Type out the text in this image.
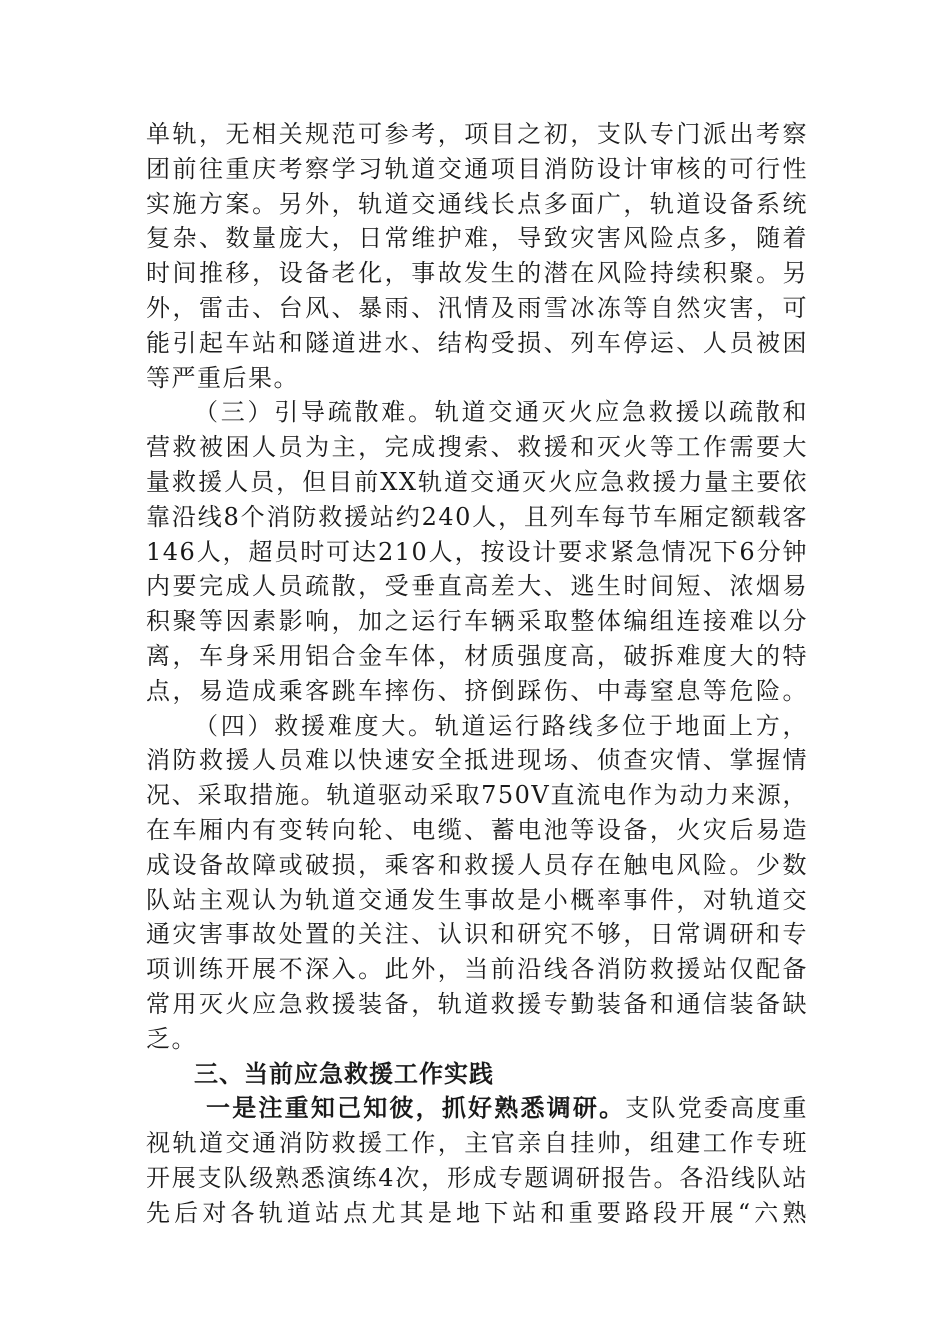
单轨，无相关规范可参考，项目之初，支队专门派出考察
团前往重庆考察学习轨道交通项目消防设计审核的可行性
实施方案。另外，轨道交通线长点多面广，轨道设备系统
复杂、数量庞大，日常维护难，导致灾害风险点多，随着
时间推移，设备老化，事故发生的潜在风险持续积聚。另
外，雷击、台风、暴雨、汛情及雨雪冰冻等自然灾害，可
能引起车站和隧道进水、结构受损、列车停运、人员被困
等严重后果。
（三）引导疏散难。轨道交通灭火应急救援以疏散和
营救被困人员为主，完成搜索、救援和灭火等工作需要大
量救援人员，但目前XX轨道交通灭火应急救援力量主要依
靠沿线8个消防救援站约240人，且列车每节车厢定额载客
146人，超员时可达210人，按设计要求紧急情况下6分钟
内要完成人员疏散，受垂直高差大、逃生时间短、浓烟易
积聚等因素影响，加之运行车辆采取整体编组连接难以分
离，车身采用铝合金车体，材质强度高，破拆难度大的特
点，易造成乘客跳车摔伤、挤倒踩伤、中毒窒息等危险。
（四）救援难度大。轨道运行路线多位于地面上方，
消防救援人员难以快速安全抵进现场、侦查灾情、掌握情
况、采取措施。轨道驱动采取750V直流电作为动力来源，
在车厢内有变转向轮、电缆、蓄电池等设备，火灾后易造
成设备故障或破损，乘客和救援人员存在触电风险。少数
队站主观认为轨道交通发生事故是小概率事件，对轨道交
通灾害事故处置的关注、认识和研究不够，日常调研和专
项训练开展不深入。此外，当前沿线各消防救援站仅配备
常用灭火应急救援装备，轨道救援专勤装备和通信装备缺
乏。
三、当前应急救援工作实践
一是注重知己知彼，抓好熟悉调研。支队党委高度重
视轨道交通消防救援工作，主官亲自挂帅，组建工作专班
开展支队级熟悉演练4次，形成专题调研报告。各沿线队站
先后对各轨道站点尤其是地下站和重要路段开展“六熟
